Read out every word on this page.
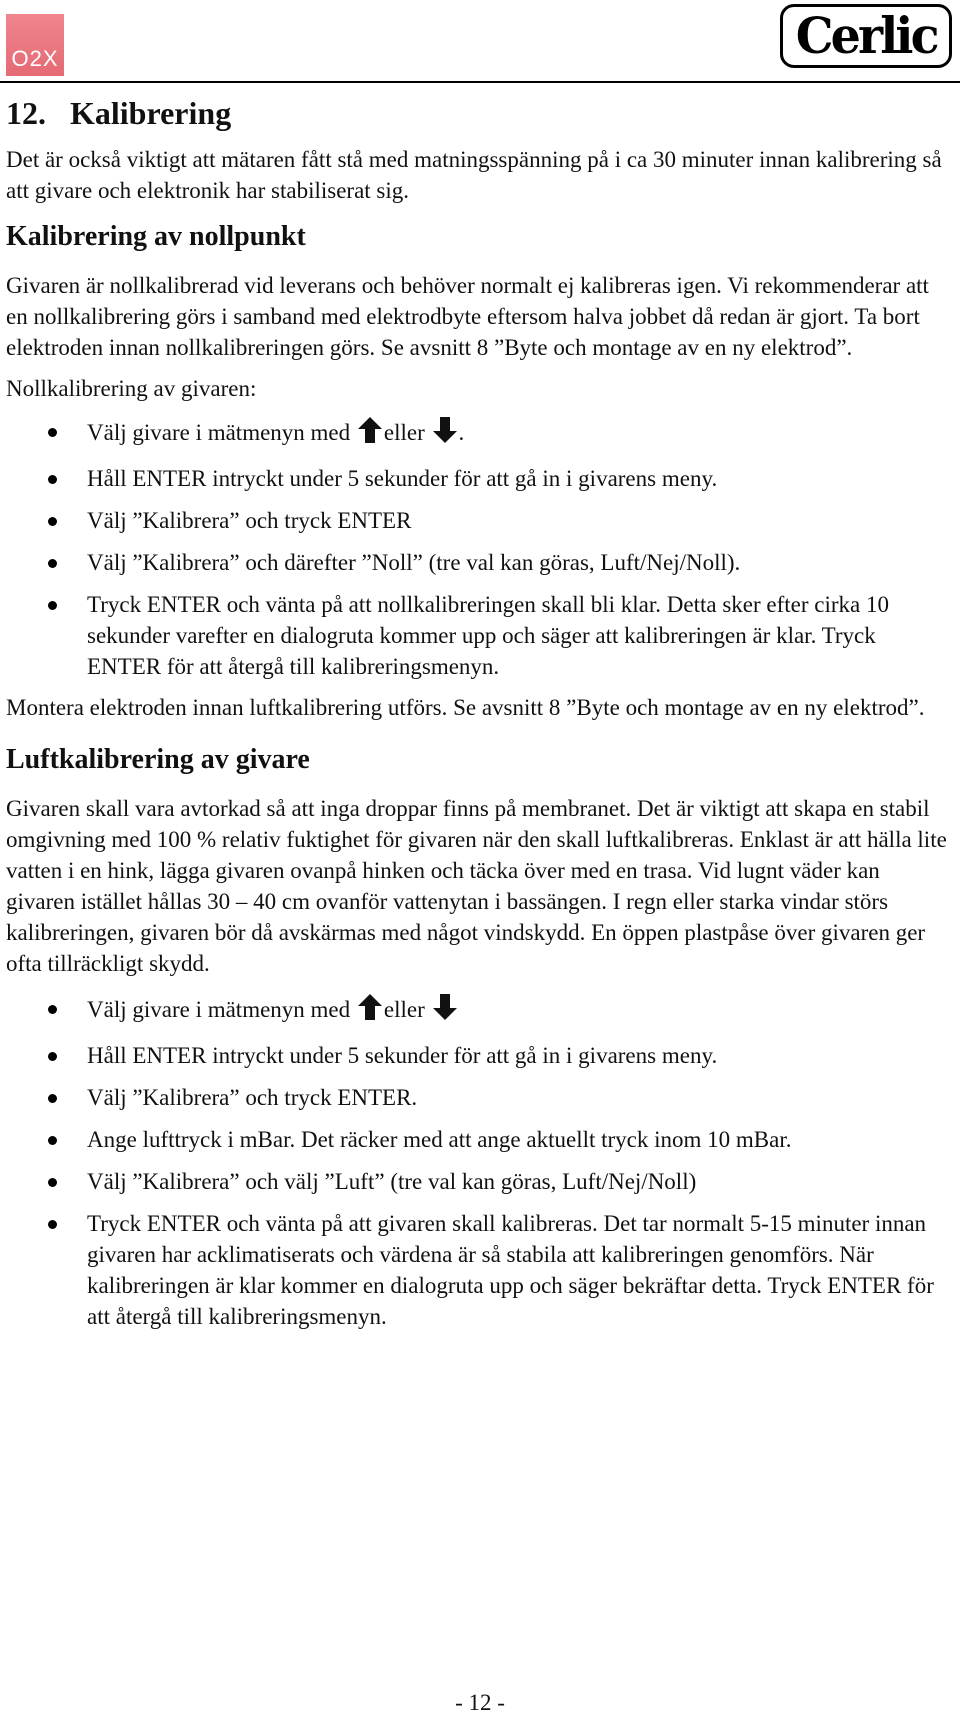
O2X	Cerlic
12. Kalibrering

Det är också viktigt att mätaren fått stå med matningsspänning på i ca 30 minuter innan kalibrering så att givare och elektronik har stabiliserat sig.

Kalibrering av nollpunkt

Givaren är nollkalibrerad vid leverans och behöver normalt ej kalibreras igen. Vi rekommenderar att en nollkalibrering görs i samband med elektrodbyte eftersom halva jobbet då redan är gjort. Ta bort elektroden innan nollkalibreringen görs. Se avsnitt 8 ”Byte och montage av en ny elektrod”.

Nollkalibrering av givaren:

Välj givare i mätmenyn med eller .
Håll ENTER intryckt under 5 sekunder för att gå in i givarens meny.
Välj ”Kalibrera” och tryck ENTER
Välj ”Kalibrera” och därefter ”Noll” (tre val kan göras, Luft/Nej/Noll).
Tryck ENTER och vänta på att nollkalibreringen skall bli klar. Detta sker efter cirka 10 sekunder varefter en dialogruta kommer upp och säger att kalibreringen är klar. Tryck ENTER för att återgå till kalibreringsmenyn.

Montera elektroden innan luftkalibrering utförs. Se avsnitt 8 ”Byte och montage av en ny elektrod”.

Luftkalibrering av givare

Givaren skall vara avtorkad så att inga droppar finns på membranet. Det är viktigt att skapa en stabil omgivning med 100 % relativ fuktighet för givaren när den skall luftkalibreras. Enklast är att hälla lite vatten i en hink, lägga givaren ovanpå hinken och täcka över med en trasa. Vid lugnt väder kan givaren istället hållas 30 – 40 cm ovanför vattenytan i bassängen. I regn eller starka vindar störs kalibreringen, givaren bör då avskärmas med något vindskydd. En öppen plastpåse över givaren ger ofta tillräckligt skydd.

Välj givare i mätmenyn med eller
Håll ENTER intryckt under 5 sekunder för att gå in i givarens meny.
Välj ”Kalibrera” och tryck ENTER.
Ange lufttryck i mBar. Det räcker med att ange aktuellt tryck inom 10 mBar.
Välj ”Kalibrera” och välj ”Luft” (tre val kan göras, Luft/Nej/Noll)
Tryck ENTER och vänta på att givaren skall kalibreras. Det tar normalt 5-15 minuter innan givaren har acklimatiserats och värdena är så stabila att kalibreringen genomförs. När kalibreringen är klar kommer en dialogruta upp och säger bekräftar detta. Tryck ENTER för att återgå till kalibreringsmenyn.
- 12 -
